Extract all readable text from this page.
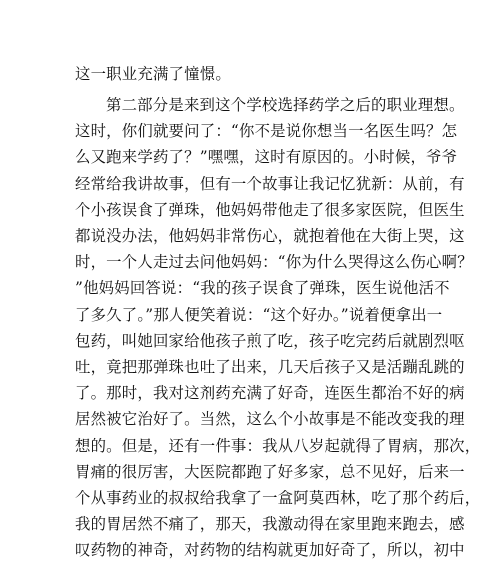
这一职业充满了憧憬。
第二部分是来到这个学校选择药学之后的职业理想。
这时，你们就要问了：“你不是说你想当一名医生吗？怎
么又跑来学药了？”嘿嘿，这时有原因的。小时候，爷爷
经常给我讲故事，但有一个故事让我记忆犹新：从前，有
个小孩误食了弹珠，他妈妈带他走了很多家医院，但医生
都说没办法，他妈妈非常伤心，就抱着他在大街上哭，这
时，一个人走过去问他妈妈：“你为什么哭得这么伤心啊？
”他妈妈回答说：“我的孩子误食了弹珠，医生说他活不
了多久了。”那人便笑着说：“这个好办。”说着便拿出一
包药，叫她回家给他孩子煎了吃，孩子吃完药后就剧烈呕
吐，竟把那弹珠也吐了出来，几天后孩子又是活蹦乱跳的
了。那时，我对这剂药充满了好奇，连医生都治不好的病
居然被它治好了。当然，这么个小故事是不能改变我的理
想的。但是，还有一件事：我从八岁起就得了胃病，那次，
胃痛的很厉害，大医院都跑了好多家，总不见好，后来一
个从事药业的叔叔给我拿了一盒阿莫西林，吃了那个药后，
我的胃居然不痛了，那天，我激动得在家里跑来跑去，感
叹药物的神奇，对药物的结构就更加好奇了，所以，初中
